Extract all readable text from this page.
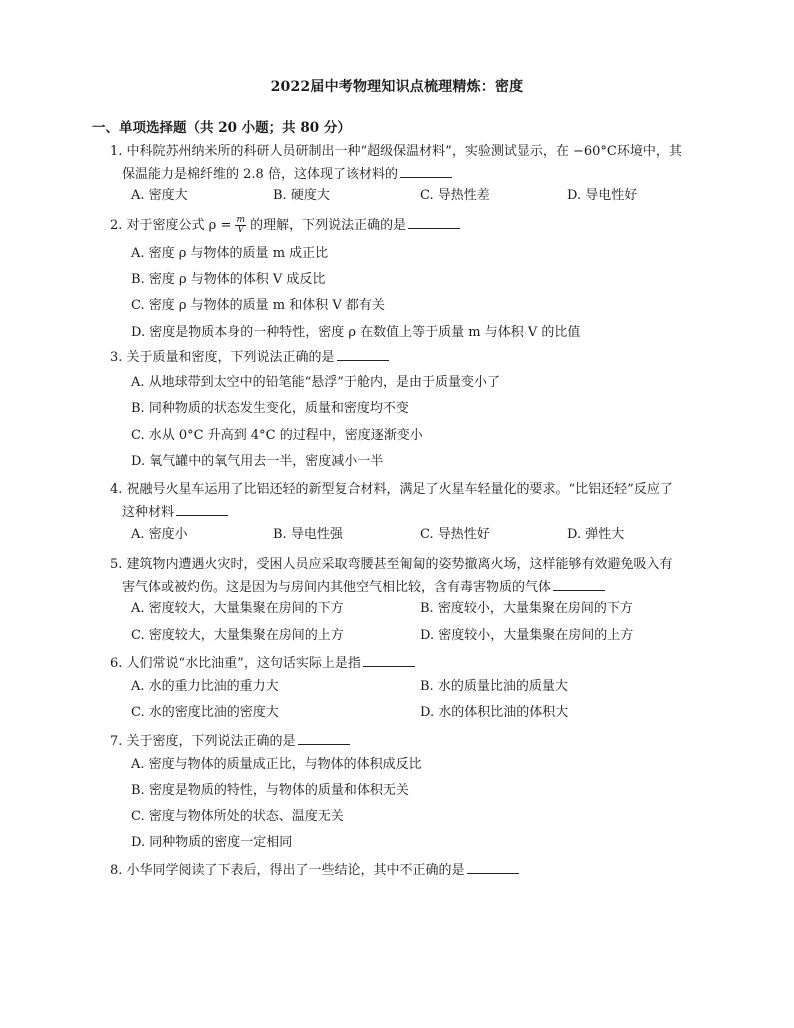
2022届中考物理知识点梳理精炼：密度
一、单项选择题（共 20 小题；共 80 分）
1. 中科院苏州纳米所的科研人员研制出一种“超级保温材料”，实验测试显示，在 −60°C环境中，其
保温能力是棉纤维的 2.8 倍，这体现了该材料的
A. 密度大	B. 硬度大	C. 导热性差	D. 导电性好
2. 对于密度公式 $\rho = \frac{m}{V}$ 的理解，下列说法正确的是
A. 密度 ρ 与物体的质量 m 成正比
B. 密度 ρ 与物体的体积 V 成反比
C. 密度 ρ 与物体的质量 m 和体积 V 都有关
D. 密度是物质本身的一种特性，密度 ρ 在数值上等于质量 m 与体积 V 的比值
3. 关于质量和密度，下列说法正确的是
A. 从地球带到太空中的铅笔能“悬浮”于舱内，是由于质量变小了
B. 同种物质的状态发生变化，质量和密度均不变
C. 水从 0°C 升高到 4°C 的过程中，密度逐渐变小
D. 氧气罐中的氧气用去一半，密度减小一半
4. 祝融号火星车运用了比铝还轻的新型复合材料，满足了火星车轻量化的要求。“比铝还轻”反应了
这种材料
A. 密度小	B. 导电性强	C. 导热性好	D. 弹性大
5. 建筑物内遭遇火灾时，受困人员应采取弯腰甚至匍匐的姿势撤离火场，这样能够有效避免吸入有
害气体或被灼伤。这是因为与房间内其他空气相比较，含有毒害物质的气体
A. 密度较大，大量集聚在房间的下方	B. 密度较小，大量集聚在房间的下方
C. 密度较大，大量集聚在房间的上方	D. 密度较小，大量集聚在房间的上方
6. 人们常说“水比油重”，这句话实际上是指
A. 水的重力比油的重力大	B. 水的质量比油的质量大
C. 水的密度比油的密度大	D. 水的体积比油的体积大
7. 关于密度，下列说法正确的是
A. 密度与物体的质量成正比，与物体的体积成反比
B. 密度是物质的特性，与物体的质量和体积无关
C. 密度与物体所处的状态、温度无关
D. 同种物质的密度一定相同
8. 小华同学阅读了下表后，得出了一些结论，其中不正确的是
